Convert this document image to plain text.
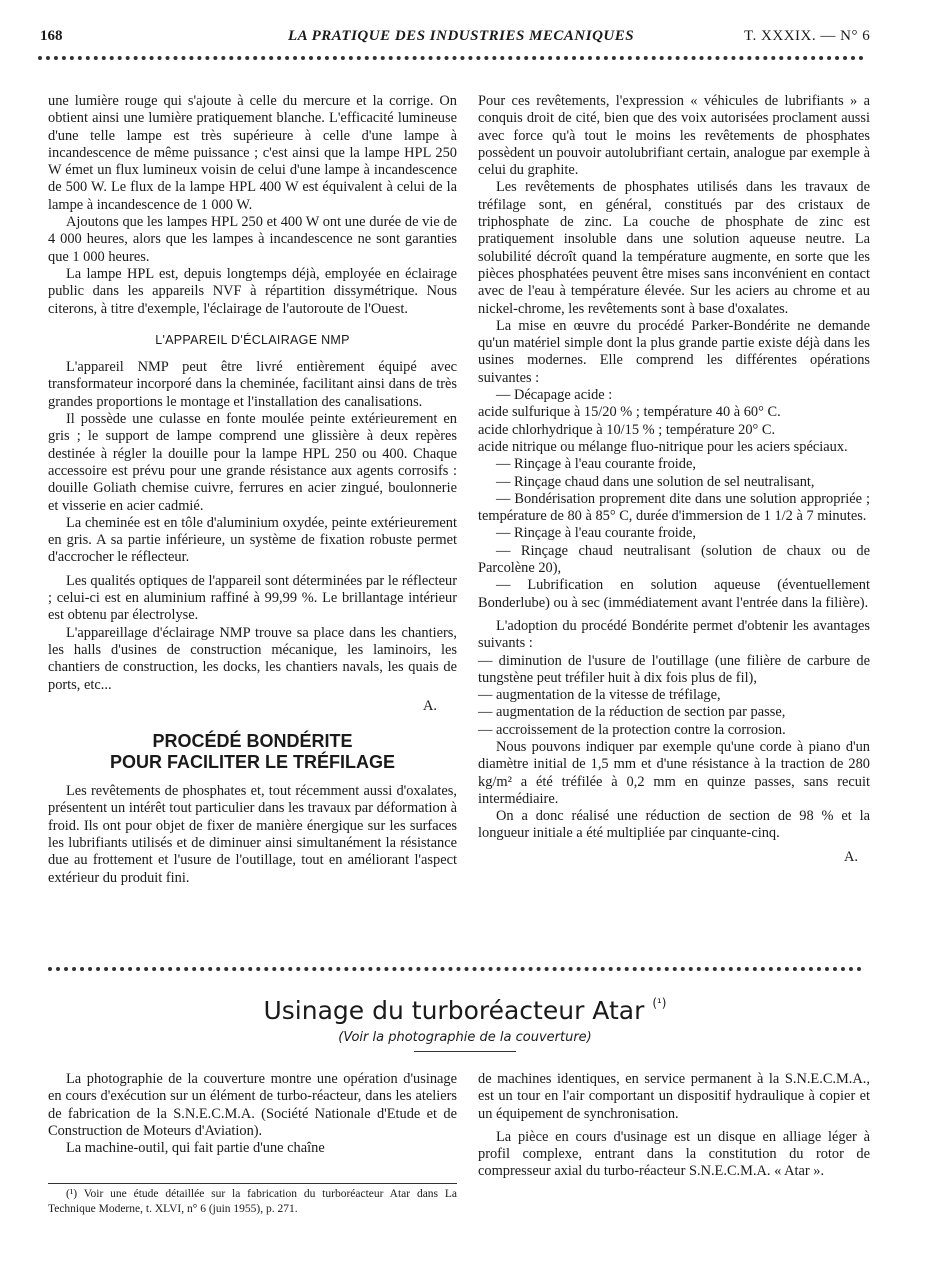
168	LA PRATIQUE DES INDUSTRIES MECANIQUES	T. XXXIX. — N° 6

une lumière rouge qui s'ajoute à celle du mercure et la corrige. On obtient ainsi une lumière pratiquement blanche. L'efficacité lumineuse d'une telle lampe est très supérieure à celle d'une lampe à incandescence de même puissance ; c'est ainsi que la lampe HPL 250 W émet un flux lumineux voisin de celui d'une lampe à incandescence de 500 W. Le flux de la lampe HPL 400 W est équivalent à celui de la lampe à incandescence de 1 000 W.

Ajoutons que les lampes HPL 250 et 400 W ont une durée de vie de 4 000 heures, alors que les lampes à incandescence ne sont garanties que 1 000 heures.

La lampe HPL est, depuis longtemps déjà, employée en éclairage public dans les appareils NVF à répartition dissymétrique. Nous citerons, à titre d'exemple, l'éclairage de l'autoroute de l'Ouest.

L'APPAREIL D'ÉCLAIRAGE NMP

L'appareil NMP peut être livré entièrement équipé avec transformateur incorporé dans la cheminée, facilitant ainsi dans de très grandes proportions le montage et l'installation des canalisations.

Il possède une culasse en fonte moulée peinte extérieurement en gris ; le support de lampe comprend une glissière à deux repères destinée à régler la douille pour la lampe HPL 250 ou 400. Chaque accessoire est prévu pour une grande résistance aux agents corrosifs : douille Goliath chemise cuivre, ferrures en acier zingué, boulonnerie et visserie en acier cadmié.

La cheminée est en tôle d'aluminium oxydée, peinte extérieurement en gris. A sa partie inférieure, un système de fixation robuste permet d'accrocher le réflecteur.

Les qualités optiques de l'appareil sont déterminées par le réflecteur ; celui-ci est en aluminium raffiné à 99,99 %. Le brillantage intérieur est obtenu par électrolyse.

L'appareillage d'éclairage NMP trouve sa place dans les chantiers, les halls d'usines de construction mécanique, les laminoirs, les chantiers de construction, les docks, les chantiers navals, les quais de ports, etc...

A.

PROCÉDÉ BONDÉRITE
POUR FACILITER LE TRÉFILAGE

Les revêtements de phosphates et, tout récemment aussi d'oxalates, présentent un intérêt tout particulier dans les travaux par déformation à froid. Ils ont pour objet de fixer de manière énergique sur les surfaces les lubrifiants utilisés et de diminuer ainsi simultanément la résistance due au frottement et l'usure de l'outillage, tout en améliorant l'aspect extérieur du produit fini.

Pour ces revêtements, l'expression « véhicules de lubrifiants » a conquis droit de cité, bien que des voix autorisées proclament aussi avec force qu'à tout le moins les revêtements de phosphates possèdent un pouvoir autolubrifiant certain, analogue par exemple à celui du graphite.

Les revêtements de phosphates utilisés dans les travaux de tréfilage sont, en général, constitués par des cristaux de triphosphate de zinc. La couche de phosphate de zinc est pratiquement insoluble dans une solution aqueuse neutre. La solubilité décroît quand la température augmente, en sorte que les pièces phosphatées peuvent être mises sans inconvénient en contact avec de l'eau à température élevée. Sur les aciers au chrome et au nickel-chrome, les revêtements sont à base d'oxalates.

La mise en œuvre du procédé Parker-Bondérite ne demande qu'un matériel simple dont la plus grande partie existe déjà dans les usines modernes. Elle comprend les différentes opérations suivantes :

— Décapage acide :

acide sulfurique à 15/20 % ; température 40 à 60° C.

acide chlorhydrique à 10/15 % ; température 20° C.

acide nitrique ou mélange fluo-nitrique pour les aciers spéciaux.

— Rinçage à l'eau courante froide,

— Rinçage chaud dans une solution de sel neutralisant,

— Bondérisation proprement dite dans une solution appropriée ; température de 80 à 85° C, durée d'immersion de 1 1/2 à 7 minutes.

— Rinçage à l'eau courante froide,

— Rinçage chaud neutralisant (solution de chaux ou de Parcolène 20),

— Lubrification en solution aqueuse (éventuellement Bonderlube) ou à sec (immédiatement avant l'entrée dans la filière).

L'adoption du procédé Bondérite permet d'obtenir les avantages suivants :

— diminution de l'usure de l'outillage (une filière de carbure de tungstène peut tréfiler huit à dix fois plus de fil),

— augmentation de la vitesse de tréfilage,

— augmentation de la réduction de section par passe,

— accroissement de la protection contre la corrosion.

Nous pouvons indiquer par exemple qu'une corde à piano d'un diamètre initial de 1,5 mm et d'une résistance à la traction de 280 kg/m² a été tréfilée à 0,2 mm en quinze passes, sans recuit intermédiaire.

On a donc réalisé une réduction de section de 98 % et la longueur initiale a été multipliée par cinquante-cinq.

A.

Usinage du turboréacteur Atar $^{(^1)}$
(Voir la photographie de la couverture)

La photographie de la couverture montre une opération d'usinage en cours d'exécution sur un élément de turbo-réacteur, dans les ateliers de fabrication de la S.N.E.C.M.A. (Société Nationale d'Etude et de Construction de Moteurs d'Aviation).

La machine-outil, qui fait partie d'une chaîne

(¹) Voir une étude détaillée sur la fabrication du turboréacteur Atar dans La Technique Moderne, t. XLVI, n° 6 (juin 1955), p. 271.

de machines identiques, en service permanent à la S.N.E.C.M.A., est un tour en l'air comportant un dispositif hydraulique à copier et un équipement de synchronisation.

La pièce en cours d'usinage est un disque en alliage léger à profil complexe, entrant dans la constitution du rotor de compresseur axial du turbo-réacteur S.N.E.C.M.A. « Atar ».
